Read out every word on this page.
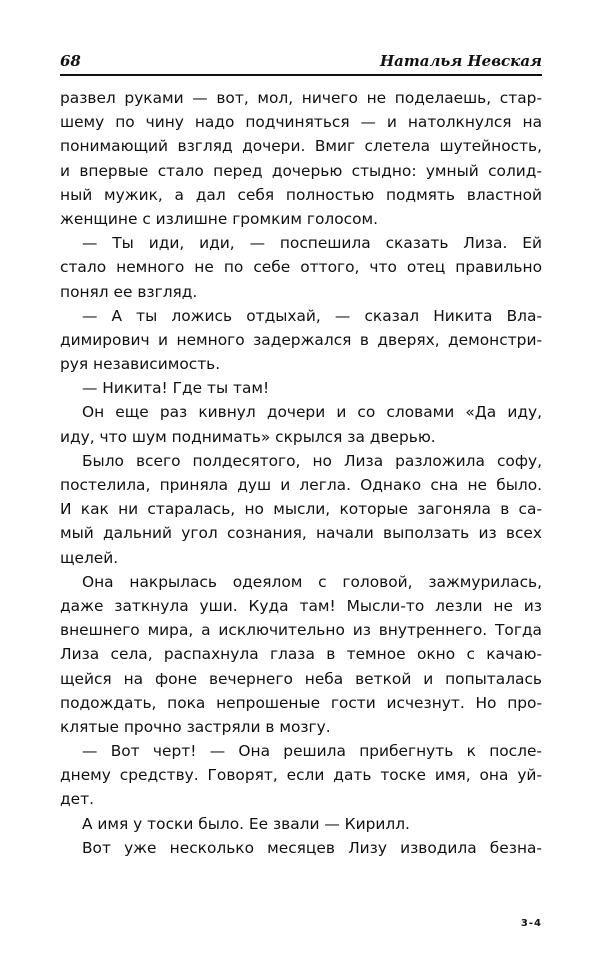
68	Наталья Невская
развел руками — вот, мол, ничего не поделаешь, стар-
шему по чину надо подчиняться — и натолкнулся на
понимающий взгляд дочери. Вмиг слетела шутейность,
и впервые стало перед дочерью стыдно: умный солид-
ный мужик, а дал себя полностью подмять властной
женщине с излишне громким голосом.
— Ты иди, иди, — поспешила сказать Лиза. Ей
стало немного не по себе оттого, что отец правильно
понял ее взгляд.
— А ты ложись отдыхай, — сказал Никита Вла-
димирович и немного задержался в дверях, демонстри-
руя независимость.
— Никита! Где ты там!
Он еще раз кивнул дочери и со словами «Да иду,
иду, что шум поднимать» скрылся за дверью.
Было всего полдесятого, но Лиза разложила софу,
постелила, приняла душ и легла. Однако сна не было.
И как ни старалась, но мысли, которые загоняла в са-
мый дальний угол сознания, начали выползать из всех
щелей.
Она накрылась одеялом с головой, зажмурилась,
даже заткнула уши. Куда там! Мысли-то лезли не из
внешнего мира, а исключительно из внутреннего. Тогда
Лиза села, распахнула глаза в темное окно с качаю-
щейся на фоне вечернего неба веткой и попыталась
подождать, пока непрошеные гости исчезнут. Но про-
клятые прочно застряли в мозгу.
— Вот черт! — Она решила прибегнуть к после-
днему средству. Говорят, если дать тоске имя, она уй-
дет.
А имя у тоски было. Ее звали — Кирилл.
Вот уже несколько месяцев Лизу изводила безна-
3-4
